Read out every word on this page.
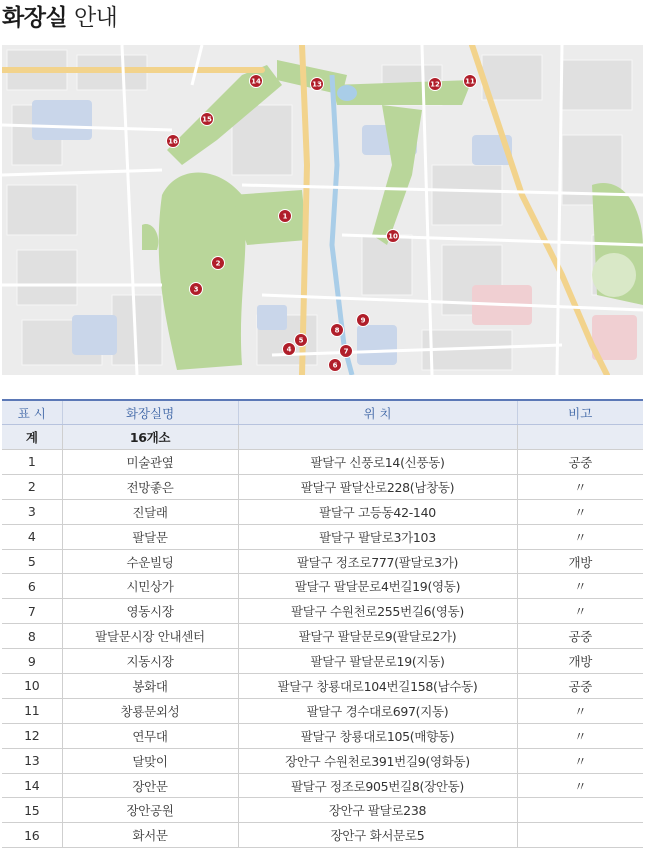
화장실 안내
1
2
3
4
5
6
7
8
9
10
11
12
13
14
15
16
표 시	화장실명	위 치	비고
계	16개소		
1	미술관옆	팔달구 신풍로14(신풍동)	공중
2	전망좋은	팔달구 팔달산로228(남창동)	〃
3	진달래	팔달구 고등동42-140	〃
4	팔달문	팔달구 팔달로3가103	〃
5	수운빌딩	팔달구 정조로777(팔달로3가)	개방
6	시민상가	팔달구 팔달문로4번길19(영동)	〃
7	영동시장	팔달구 수원천로255번길6(영동)	〃
8	팔달문시장 안내센터	팔달구 팔달문로9(팔달로2가)	공중
9	지동시장	팔달구 팔달문로19(지동)	개방
10	봉화대	팔달구 창룡대로104번길158(남수동)	공중
11	창룡문외성	팔달구 경수대로697(지동)	〃
12	연무대	팔달구 창룡대로105(매향동)	〃
13	달맞이	장안구 수원천로391번길9(영화동)	〃
14	장안문	팔달구 정조로905번길8(장안동)	〃
15	장안공원	장안구 팔달로238	
16	화서문	장안구 화서문로5	
